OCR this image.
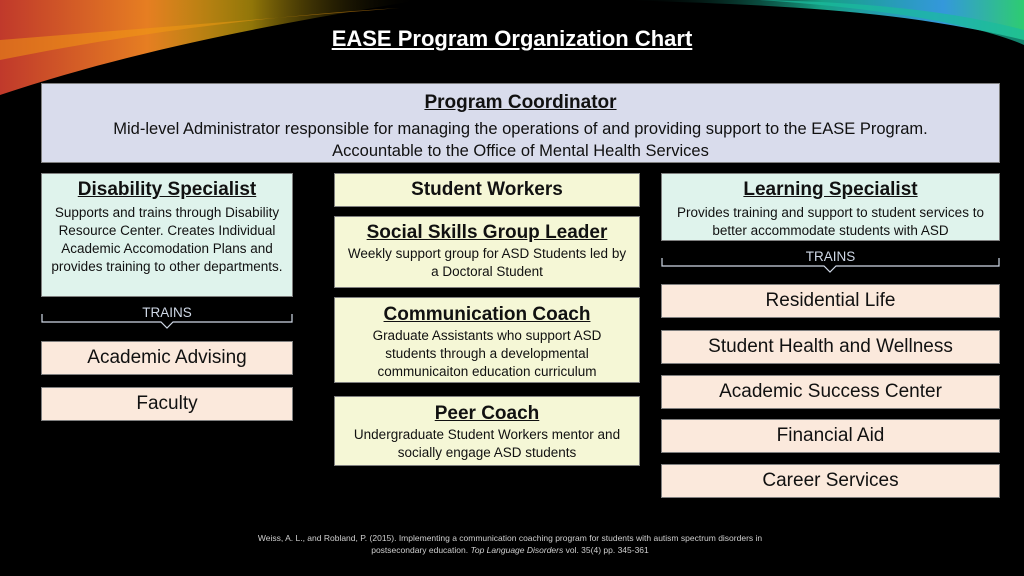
EASE Program Organization Chart
Program Coordinator
Mid-level Administrator responsible for managing the operations of and providing support to the EASE Program. Accountable to the Office of Mental Health Services
Disability Specialist
Supports and trains through Disability Resource Center. Creates Individual Academic Accomodation Plans and provides training to other departments.
TRAINS
Academic Advising
Faculty
Student Workers
Social Skills Group Leader
Weekly support group for ASD Students led by a Doctoral Student
Communication Coach
Graduate Assistants who support ASD students through a developmental communicaiton education curriculum
Peer Coach
Undergraduate Student Workers mentor and socially engage ASD students
Learning Specialist
Provides training and support to student services to better accommodate students with ASD
TRAINS
Residential Life
Student Health and Wellness
Academic Success Center
Financial Aid
Career Services
Weiss, A. L., and Robland, P. (2015). Implementing a communication coaching program for students with autism spectrum disorders in
postsecondary education. Top Language Disorders vol. 35(4) pp. 345-361
